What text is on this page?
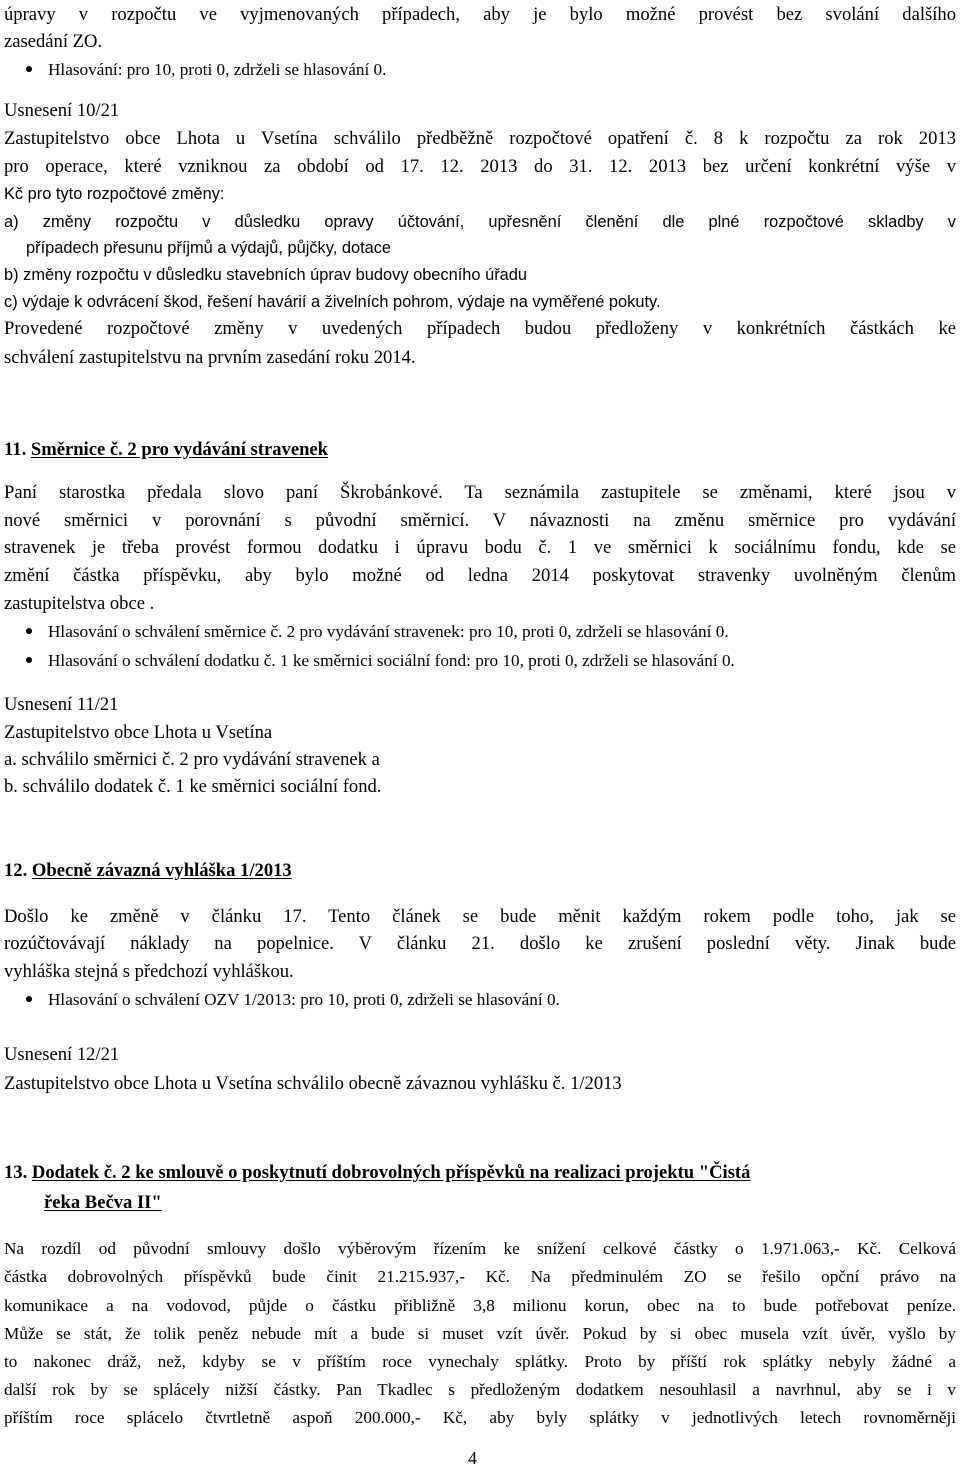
úpravy v rozpočtu ve vyjmenovaných případech, aby je bylo možné provést bez svolání dalšího
zasedání ZO.
Hlasování: pro 10, proti 0, zdrželi se hlasování 0.
Usnesení 10/21
Zastupitelstvo obce Lhota u Vsetína schválilo předběžně rozpočtové opatření č. 8 k rozpočtu za rok 2013
pro operace, které vzniknou za období od 17. 12. 2013 do 31. 12. 2013 bez určení konkrétní výše v
Kč pro tyto rozpočtové změny:
a) změny rozpočtu v důsledku opravy účtování, upřesnění členění dle plné rozpočtové skladby v
případech přesunu příjmů a výdajů, půjčky, dotace
b) změny rozpočtu v důsledku stavebních úprav budovy obecního úřadu
c) výdaje k odvrácení škod, řešení havárií a živelních pohrom, výdaje na vyměřené pokuty.
Provedené rozpočtové změny v uvedených případech budou předloženy v konkrétních částkách ke
schválení zastupitelstvu na prvním zasedání roku 2014.
11. Směrnice č. 2 pro vydávání stravenek
Paní starostka předala slovo paní Škrobánkové. Ta seznámila zastupitele se změnami, které jsou v
nové směrnici v porovnání s původní směrnicí. V návaznosti na změnu směrnice pro vydávání
stravenek je třeba provést formou dodatku i úpravu bodu č. 1 ve směrnici k sociálnímu fondu, kde se
změní částka příspěvku, aby bylo možné od ledna 2014 poskytovat stravenky uvolněným členům
zastupitelstva obce .
Hlasování o schválení směrnice č. 2 pro vydávání stravenek: pro 10, proti 0, zdrželi se hlasování 0.
Hlasování o schválení dodatku č. 1 ke směrnici sociální fond: pro 10, proti 0, zdrželi se hlasování 0.
Usnesení 11/21
Zastupitelstvo obce Lhota u Vsetína
a. schválilo směrnici č. 2 pro vydávání stravenek a
b. schválilo dodatek č. 1 ke směrnici sociální fond.
12. Obecně závazná vyhláška 1/2013
Došlo ke změně v článku 17. Tento článek se bude měnit každým rokem podle toho, jak se
rozúčtovávají náklady na popelnice. V článku 21. došlo ke zrušení poslední věty. Jinak bude
vyhláška stejná s předchozí vyhláškou.
Hlasování o schválení OZV 1/2013: pro 10, proti 0, zdrželi se hlasování 0.
Usnesení 12/21
Zastupitelstvo obce Lhota u Vsetína schválilo obecně závaznou vyhlášku č. 1/2013
13. Dodatek č. 2 ke smlouvě o poskytnutí dobrovolných příspěvků na realizaci projektu "Čistá
řeka Bečva II"
Na rozdíl od původní smlouvy došlo výběrovým řízením ke snížení celkové částky o 1.971.063,- Kč. Celková
částka dobrovolných příspěvků bude činit 21.215.937,- Kč. Na předminulém ZO se řešilo opční právo na
komunikace a na vodovod, půjde o částku přibližně 3,8 milionu korun, obec na to bude potřebovat peníze.
Může se stát, že tolik peněz nebude mít a bude si muset vzít úvěr. Pokud by si obec musela vzít úvěr, vyšlo by
to nakonec dráž, než, kdyby se v příštím roce vynechaly splátky. Proto by příští rok splátky nebyly žádné a
další rok by se splácely nižší částky. Pan Tkadlec s předloženým dodatkem nesouhlasil a navrhnul, aby se i v
příštím roce splácelo čtvrtletně aspoň 200.000,- Kč, aby byly splátky v jednotlivých letech rovnoměrněji
4
